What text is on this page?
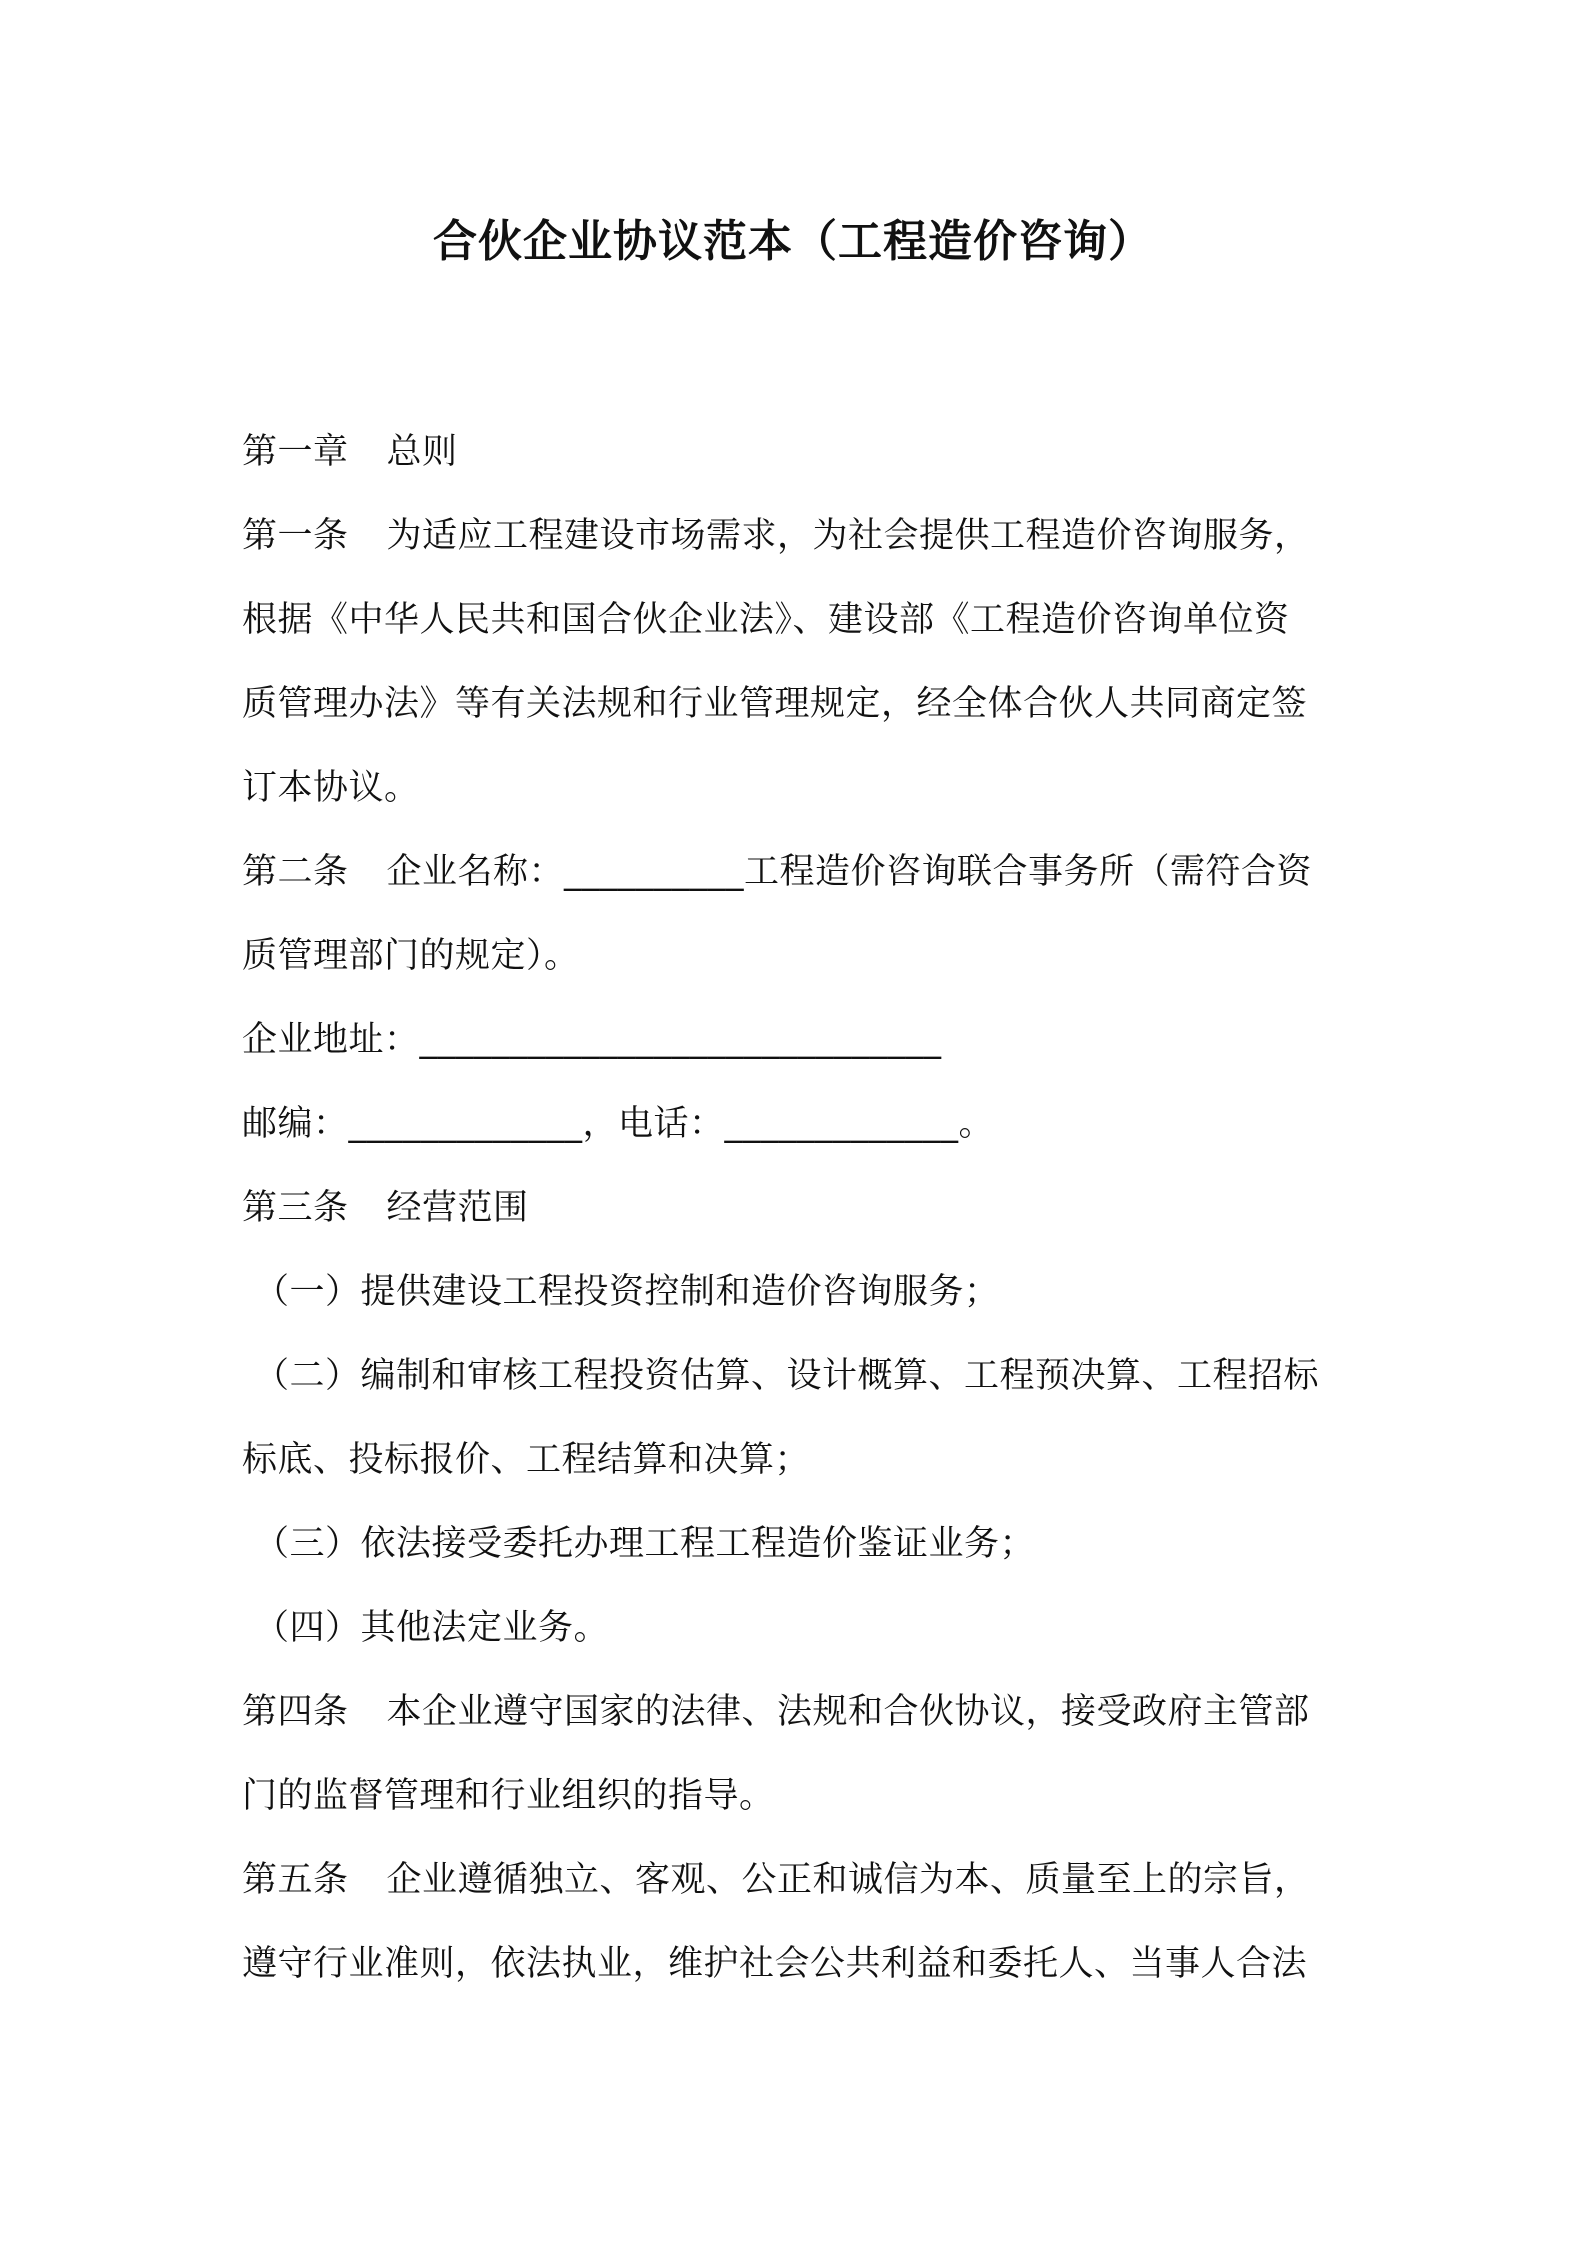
合伙企业协议范本（工程造价咨询）

第一章 总则

第一条 为适应工程建设市场需求，为社会提供工程造价咨询服务，

根据《中华人民共和国合伙企业法》、建设部《工程造价咨询单位资

质管理办法》等有关法规和行业管理规定，经全体合伙人共同商定签

订本协议。

第二条 企业名称：__________工程造价咨询联合事务所（需符合资

质管理部门的规定）。

企业地址：_____________________________

邮编：_____________，电话：_____________。

第三条 经营范围

（一）提供建设工程投资控制和造价咨询服务；

（二）编制和审核工程投资估算、设计概算、工程预决算、工程招标

标底、投标报价、工程结算和决算；

（三）依法接受委托办理工程工程造价鉴证业务；

（四）其他法定业务。

第四条 本企业遵守国家的法律、法规和合伙协议，接受政府主管部

门的监督管理和行业组织的指导。

第五条 企业遵循独立、客观、公正和诚信为本、质量至上的宗旨，

遵守行业准则，依法执业，维护社会公共利益和委托人、当事人合法
